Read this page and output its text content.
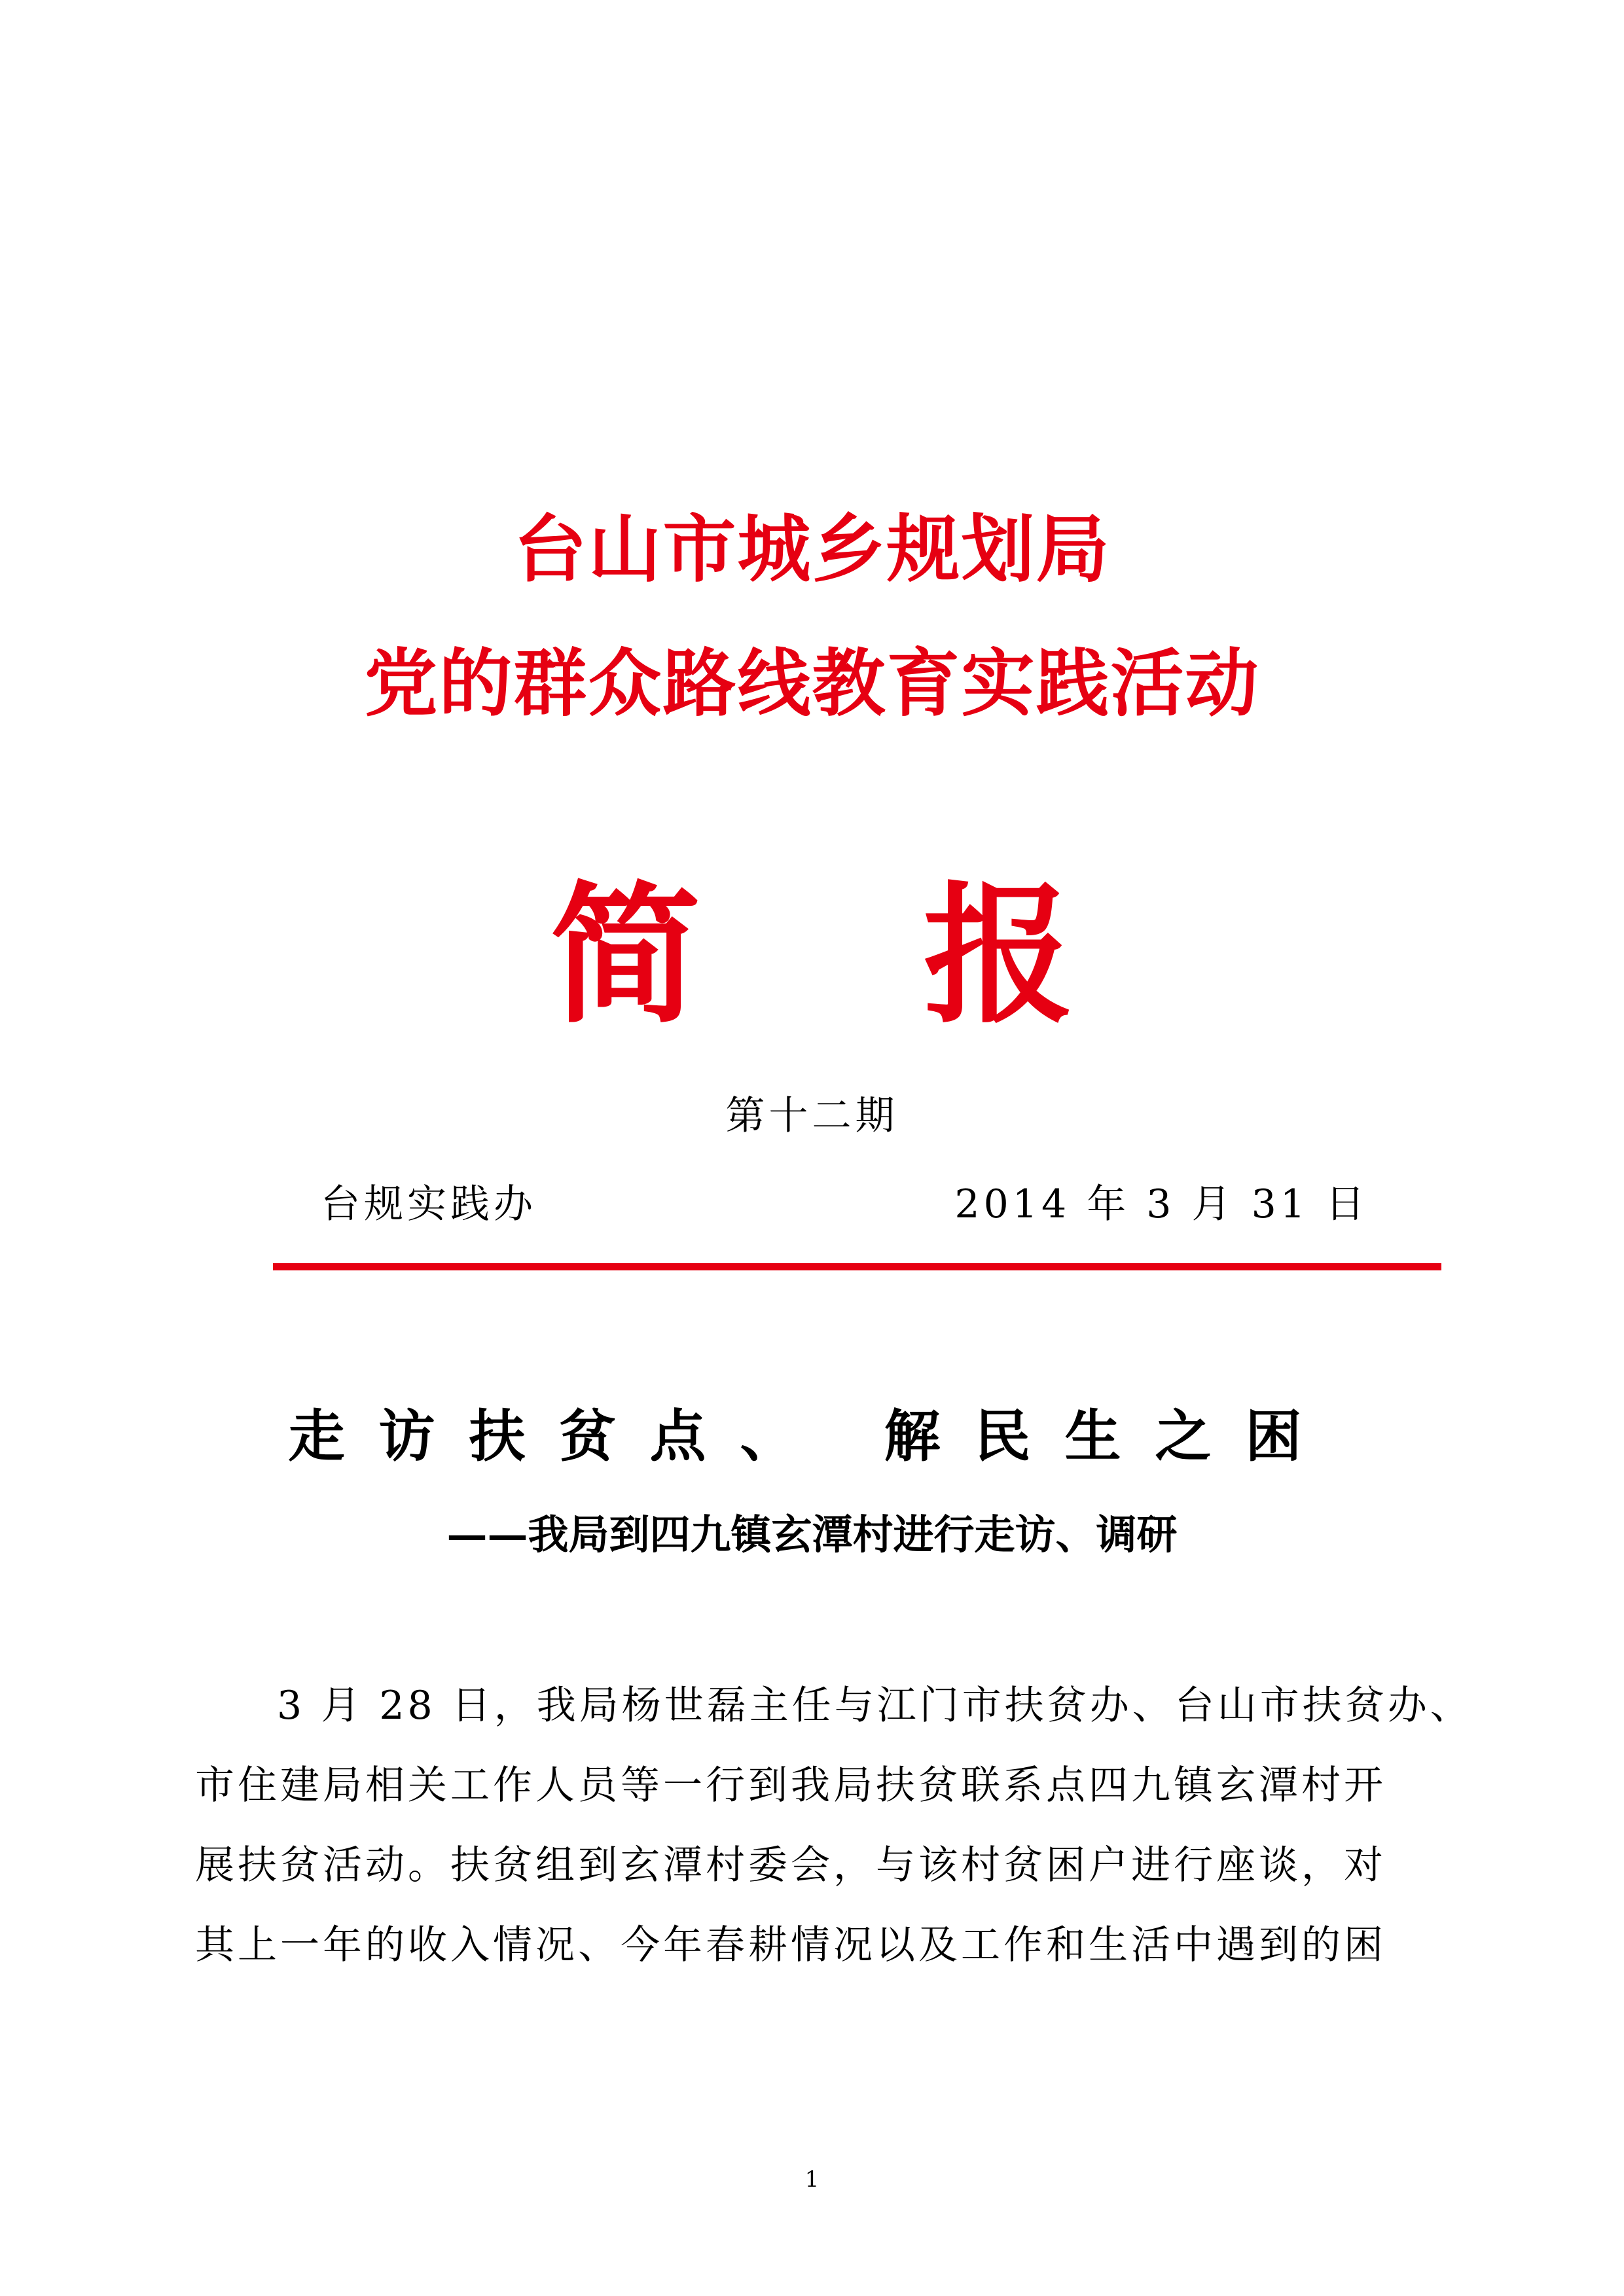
台山市城乡规划局
党的群众路线教育实践活动
简 报
第十二期
台规实践办	2014 年 3 月 31 日
走访扶贫点、 解民生之困
——我局到四九镇玄潭村进行走访、调研
3 月 28 日，我局杨世磊主任与江门市扶贫办、台山市扶贫办、
市住建局相关工作人员等一行到我局扶贫联系点四九镇玄潭村开
展扶贫活动。扶贫组到玄潭村委会，与该村贫困户进行座谈，对
其上一年的收入情况、今年春耕情况以及工作和生活中遇到的困
1
